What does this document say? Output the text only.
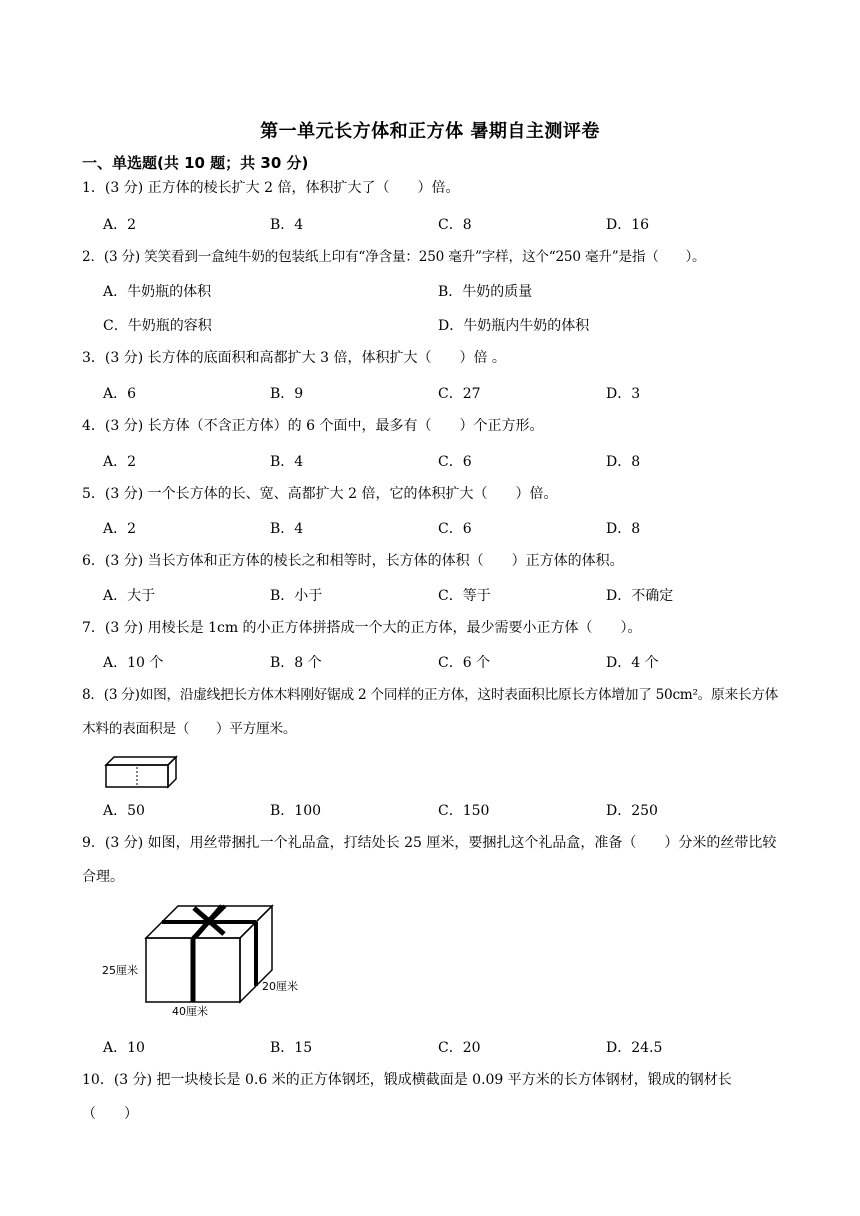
第一单元长方体和正方体 暑期自主测评卷
一、单选题(共 10 题；共 30 分)
1．(3 分) 正方体的棱长扩大 2 倍，体积扩大了（　　）倍。
A．2	B．4	C．8	D．16
2．(3 分) 笑笑看到一盒纯牛奶的包装纸上印有“净含量：250 毫升”字样，这个“250 毫升”是指（　　）。
A．牛奶瓶的体积	B．牛奶的质量
C．牛奶瓶的容积	D．牛奶瓶内牛奶的体积
3．(3 分) 长方体的底面积和高都扩大 3 倍，体积扩大（　　）倍 。
A．6	B．9	C．27	D．3
4．(3 分) 长方体（不含正方体）的 6 个面中，最多有（　　）个正方形。
A．2	B．4	C．6	D．8
5．(3 分) 一个长方体的长、宽、高都扩大 2 倍，它的体积扩大（　　）倍。
A．2	B．4	C．6	D．8
6．(3 分) 当长方体和正方体的棱长之和相等时，长方体的体积（　　）正方体的体积。
A．大于	B．小于	C．等于	D．不确定
7．(3 分) 用棱长是 1cm 的小正方体拼搭成一个大的正方体，最少需要小正方体（　　）。
A．10 个	B．8 个	C．6 个	D．4 个
8．(3 分)如图，沿虚线把长方体木料刚好锯成 2 个同样的正方体，这时表面积比原长方体增加了 50cm²。原来长方体木料的表面积是（　　）平方厘米。
A．50	B．100	C．150	D．250
9．(3 分) 如图，用丝带捆扎一个礼品盒，打结处长 25 厘米，要捆扎这个礼品盒，准备（　　）分米的丝带比较合理。
25厘米
20厘米
40厘米
A．10	B．15	C．20	D．24.5
10．(3 分) 把一块棱长是 0.6 米的正方体钢坯，锻成横截面是 0.09 平方米的长方体钢材，锻成的钢材长（　　）
